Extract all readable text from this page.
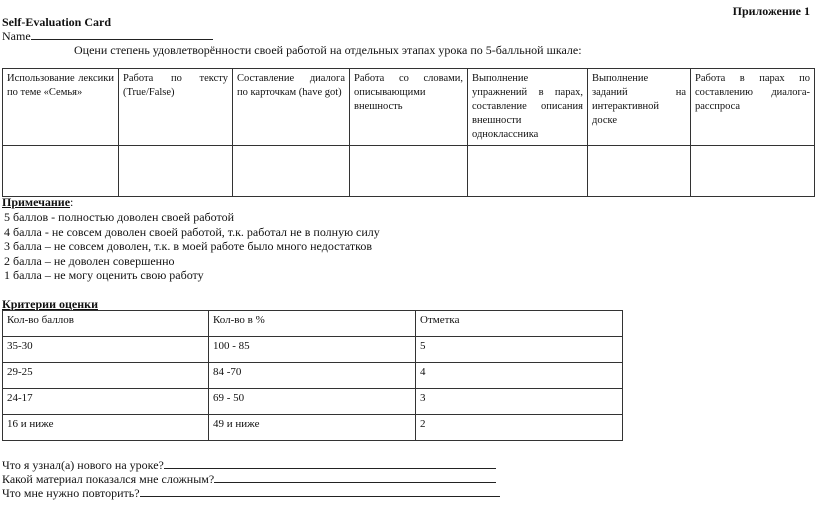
Приложение 1
Self-Evaluation Card
Name
Оцени степень удовлетворённости своей работой на отдельных этапах урока по 5-балльной шкале:
Использование лексики по теме «Семья»	Работа по тексту (True/False)	Составление диалога по карточкам (have got)	Работа со словами, описывающими внешность	Выполнение упражнений в парах, составление описания внешности одноклассника	Выполнение заданий на интерактивной доске	Работа в парах по составлению диалога-расспроса

Примечание:
5 баллов - полностью доволен своей работой
4 балла - не совсем доволен своей работой, т.к. работал не в полную силу
3 балла – не совсем доволен, т.к. в моей работе было много недостатков
2 балла – не доволен совершенно
1 балла – не могу оценить свою работу
Критерии оценки
Кол-во баллов	Кол-во в %	Отметка
35-30	100 - 85	5
29-25	84 -70	4
24-17	69 - 50	3
16 и ниже	49 и ниже	2
Что я узнал(а) нового на уроке?
Какой материал показался мне сложным?
Что мне нужно повторить?
